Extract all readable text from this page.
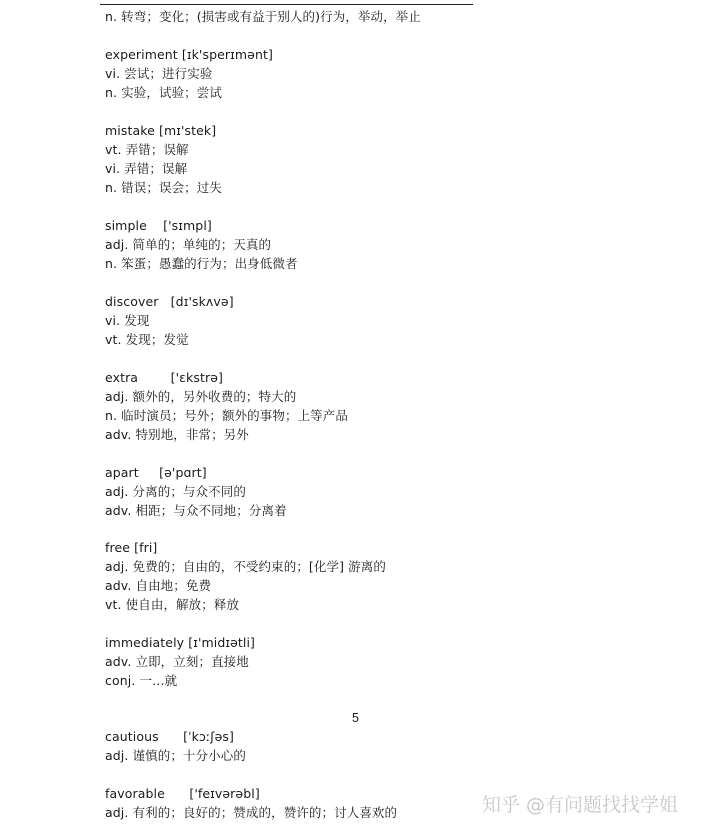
n. 转弯；变化；(损害或有益于别人的)行为，举动，举止
experiment [ɪk'sperɪmənt]
vi. 尝试；进行实验
n. 实验，试验；尝试
mistake [mɪ'stek]
vt. 弄错；误解
vi. 弄错；误解
n. 错误；误会；过失
simple    ['sɪmpl]
adj. 简单的；单纯的；天真的
n. 笨蛋；愚蠢的行为；出身低微者
discover   [dɪ'skʌvə]
vi. 发现
vt. 发现；发觉
extra        ['ɛkstrə]
adj. 额外的，另外收费的；特大的
n. 临时演员；号外；额外的事物；上等产品
adv. 特别地，非常；另外
apart     [ə'pɑrt]
adj. 分离的；与众不同的
adv. 相距；与众不同地；分离着
free [fri]
adj. 免费的；自由的，不受约束的；[化学] 游离的
adv. 自由地；免费
vt. 使自由，解放；释放
immediately [ɪ'midɪətli]
adv. 立即，立刻；直接地
conj. 一…就
cautious      [ˈkɔːʃəs]
adj. 谨慎的；十分小心的
favorable      ['feɪvərəbl]
adj. 有利的；良好的；赞成的，赞许的；讨人喜欢的
5
知乎 @有问题找找学姐
